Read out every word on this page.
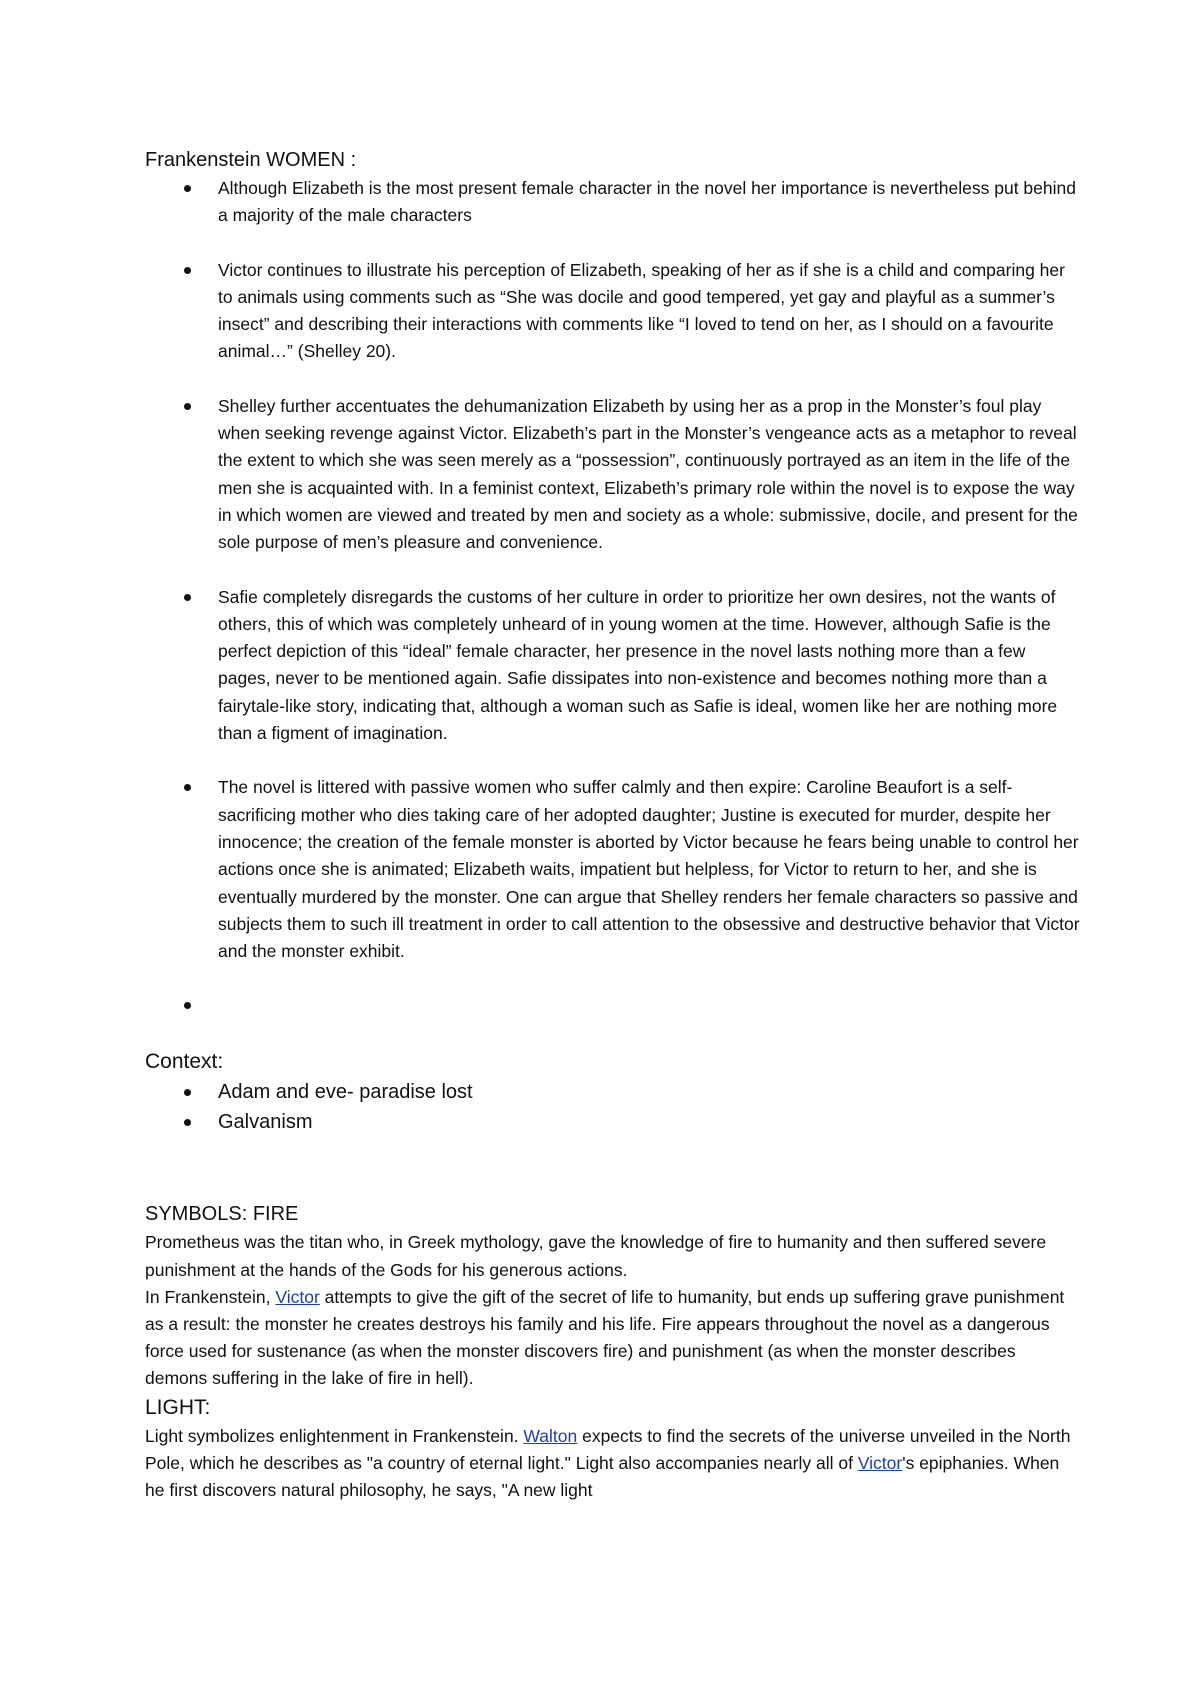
Frankenstein WOMEN :

Although Elizabeth is the most present female character in the novel her importance is nevertheless put behind a majority of the male characters
Victor continues to illustrate his perception of Elizabeth, speaking of her as if she is a child and comparing her to animals using comments such as “She was docile and good tempered, yet gay and playful as a summer’s insect” and describing their interactions with comments like “I loved to tend on her, as I should on a favourite animal…” (Shelley 20).
Shelley further accentuates the dehumanization Elizabeth by using her as a prop in the Monster’s foul play when seeking revenge against Victor. Elizabeth’s part in the Monster’s vengeance acts as a metaphor to reveal the extent to which she was seen merely as a “possession”, continuously portrayed as an item in the life of the men she is acquainted with. In a feminist context, Elizabeth’s primary role within the novel is to expose the way in which women are viewed and treated by men and society as a whole: submissive, docile, and present for the sole purpose of men’s pleasure and convenience.
Safie completely disregards the customs of her culture in order to prioritize her own desires, not the wants of others, this of which was completely unheard of in young women at the time. However, although Safie is the perfect depiction of this “ideal” female character, her presence in the novel lasts nothing more than a few pages, never to be mentioned again. Safie dissipates into non-existence and becomes nothing more than a fairytale-like story, indicating that, although a woman such as Safie is ideal, women like her are nothing more than a figment of imagination.
The novel is littered with passive women who suffer calmly and then expire: Caroline Beaufort is a self-sacrificing mother who dies taking care of her adopted daughter; Justine is executed for murder, despite her innocence; the creation of the female monster is aborted by Victor because he fears being unable to control her actions once she is animated; Elizabeth waits, impatient but helpless, for Victor to return to her, and she is eventually murdered by the monster. One can argue that Shelley renders her female characters so passive and subjects them to such ill treatment in order to call attention to the obsessive and destructive behavior that Victor and the monster exhibit.

Context:

Adam and eve- paradise lost
Galvanism

SYMBOLS: FIRE

Prometheus was the titan who, in Greek mythology, gave the knowledge of fire to humanity and then suffered severe punishment at the hands of the Gods for his generous actions.

In Frankenstein, Victor attempts to give the gift of the secret of life to humanity, but ends up suffering grave punishment as a result: the monster he creates destroys his family and his life. Fire appears throughout the novel as a dangerous force used for sustenance (as when the monster discovers fire) and punishment (as when the monster describes demons suffering in the lake of fire in hell).

LIGHT:

Light symbolizes enlightenment in Frankenstein. Walton expects to find the secrets of the universe unveiled in the North Pole, which he describes as "a country of eternal light." Light also accompanies nearly all of Victor's epiphanies. When he first discovers natural philosophy, he says, "A new light
